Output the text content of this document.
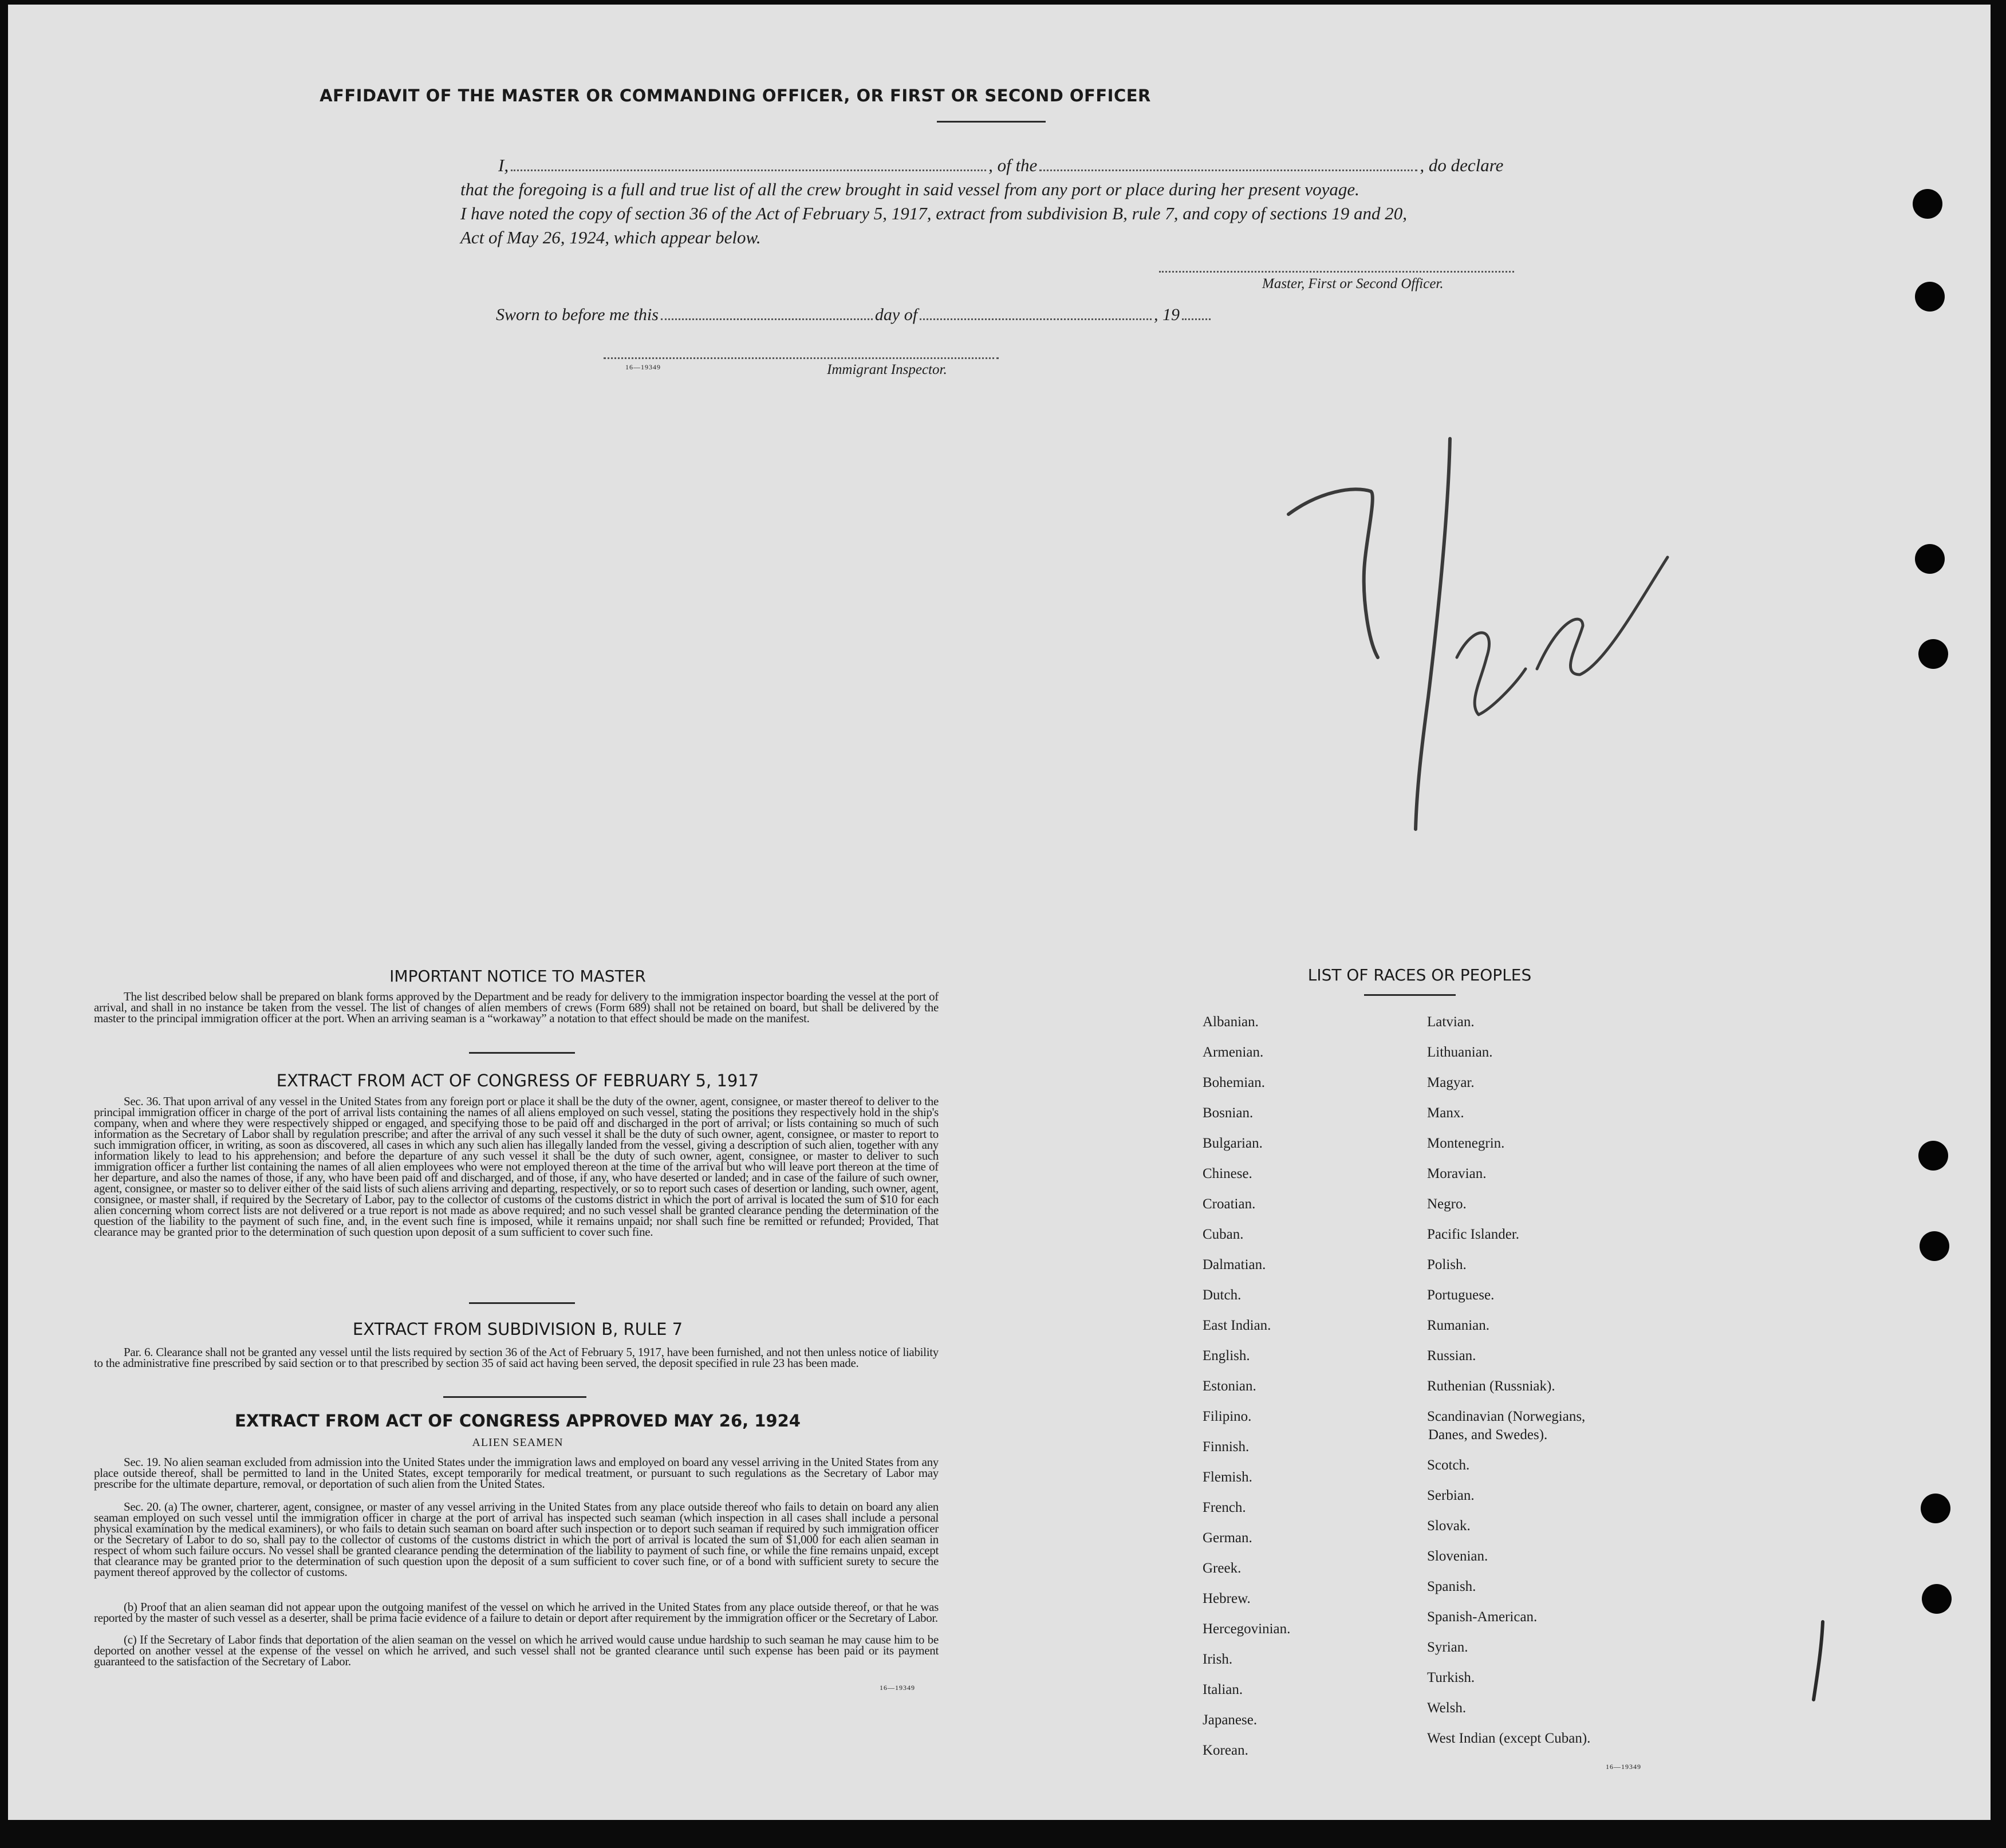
AFFIDAVIT OF THE MASTER OR COMMANDING OFFICER, OR FIRST OR SECOND OFFICER
I,	, of the	, do declare
that the foregoing is a full and true list of all the crew brought in said vessel from any port or place during her present voyage.
I have noted the copy of section 36 of the Act of February 5, 1917, extract from subdivision B, rule 7, and copy of sections 19 and 20,
Act of May 26, 1924, which appear below.
Master, First or Second Officer.
Sworn to before me this	day of	, 19
16—19349	Immigrant Inspector.
IMPORTANT NOTICE TO MASTER
The list described below shall be prepared on blank forms approved by the Department and be ready for delivery to the immigration inspector boarding the vessel at the port of arrival, and shall in no instance be taken from the vessel. The list of changes of alien members of crews (Form 689) shall not be retained on board, but shall be delivered by the master to the principal immigration officer at the port. When an arriving seaman is a “workaway” a notation to that effect should be made on the manifest.
EXTRACT FROM ACT OF CONGRESS OF FEBRUARY 5, 1917
Sec. 36. That upon arrival of any vessel in the United States from any foreign port or place it shall be the duty of the owner, agent, consignee, or master thereof to deliver to the principal immigration officer in charge of the port of arrival lists containing the names of all aliens employed on such vessel, stating the positions they respectively hold in the ship's company, when and where they were respectively shipped or engaged, and specifying those to be paid off and discharged in the port of arrival; or lists containing so much of such information as the Secretary of Labor shall by regulation prescribe; and after the arrival of any such vessel it shall be the duty of such owner, agent, consignee, or master to report to such immigration officer, in writing, as soon as discovered, all cases in which any such alien has illegally landed from the vessel, giving a description of such alien, together with any information likely to lead to his apprehension; and before the departure of any such vessel it shall be the duty of such owner, agent, consignee, or master to deliver to such immigration officer a further list containing the names of all alien employees who were not employed thereon at the time of the arrival but who will leave port thereon at the time of her departure, and also the names of those, if any, who have been paid off and discharged, and of those, if any, who have deserted or landed; and in case of the failure of such owner, agent, consignee, or master so to deliver either of the said lists of such aliens arriving and departing, respectively, or so to report such cases of desertion or landing, such owner, agent, consignee, or master shall, if required by the Secretary of Labor, pay to the collector of customs of the customs district in which the port of arrival is located the sum of $10 for each alien concerning whom correct lists are not delivered or a true report is not made as above required; and no such vessel shall be granted clearance pending the determination of the question of the liability to the payment of such fine, and, in the event such fine is imposed, while it remains unpaid; nor shall such fine be remitted or refunded; Provided, That clearance may be granted prior to the determination of such question upon deposit of a sum sufficient to cover such fine.
EXTRACT FROM SUBDIVISION B, RULE 7
Par. 6. Clearance shall not be granted any vessel until the lists required by section 36 of the Act of February 5, 1917, have been furnished, and not then unless notice of liability to the administrative fine prescribed by said section or to that prescribed by section 35 of said act having been served, the deposit specified in rule 23 has been made.
EXTRACT FROM ACT OF CONGRESS APPROVED MAY 26, 1924
ALIEN SEAMEN
Sec. 19. No alien seaman excluded from admission into the United States under the immigration laws and employed on board any vessel arriving in the United States from any place outside thereof, shall be permitted to land in the United States, except temporarily for medical treatment, or pursuant to such regulations as the Secretary of Labor may prescribe for the ultimate departure, removal, or deportation of such alien from the United States.
Sec. 20. (a) The owner, charterer, agent, consignee, or master of any vessel arriving in the United States from any place outside thereof who fails to detain on board any alien seaman employed on such vessel until the immigration officer in charge at the port of arrival has inspected such seaman (which inspection in all cases shall include a personal physical examination by the medical examiners), or who fails to detain such seaman on board after such inspection or to deport such seaman if required by such immigration officer or the Secretary of Labor to do so, shall pay to the collector of customs of the customs district in which the port of arrival is located the sum of $1,000 for each alien seaman in respect of whom such failure occurs. No vessel shall be granted clearance pending the determination of the liability to payment of such fine, or while the fine remains unpaid, except that clearance may be granted prior to the determination of such question upon the deposit of a sum sufficient to cover such fine, or of a bond with sufficient surety to secure the payment thereof approved by the collector of customs.
(b) Proof that an alien seaman did not appear upon the outgoing manifest of the vessel on which he arrived in the United States from any place outside thereof, or that he was reported by the master of such vessel as a deserter, shall be prima facie evidence of a failure to detain or deport after requirement by the immigration officer or the Secretary of Labor.
(c) If the Secretary of Labor finds that deportation of the alien seaman on the vessel on which he arrived would cause undue hardship to such seaman he may cause him to be deported on another vessel at the expense of the vessel on which he arrived, and such vessel shall not be granted clearance until such expense has been paid or its payment guaranteed to the satisfaction of the Secretary of Labor.
16—19349
LIST OF RACES OR PEOPLES
Albanian.
Armenian.
Bohemian.
Bosnian.
Bulgarian.
Chinese.
Croatian.
Cuban.
Dalmatian.
Dutch.
East Indian.
English.
Estonian.
Filipino.
Finnish.
Flemish.
French.
German.
Greek.
Hebrew.
Hercegovinian.
Irish.
Italian.
Japanese.
Korean.
Latvian.
Lithuanian.
Magyar.
Manx.
Montenegrin.
Moravian.
Negro.
Pacific Islander.
Polish.
Portuguese.
Rumanian.
Russian.
Ruthenian (Russniak).
Scandinavian (Norwegians,
Danes, and Swedes).
Scotch.
Serbian.
Slovak.
Slovenian.
Spanish.
Spanish-American.
Syrian.
Turkish.
Welsh.
West Indian (except Cuban).
16—19349
